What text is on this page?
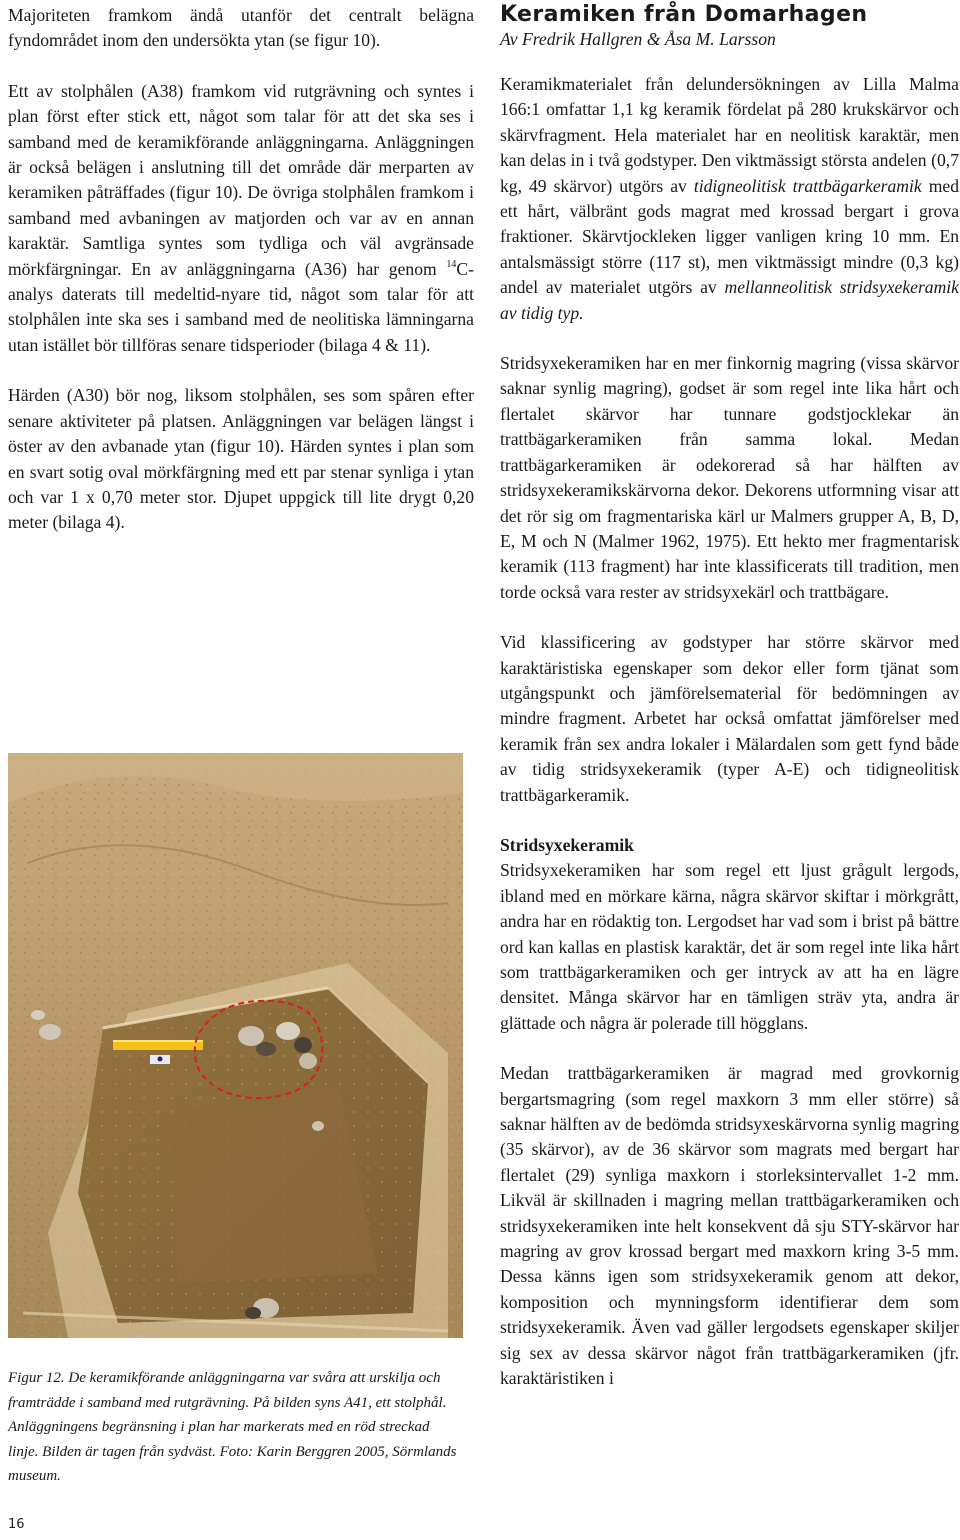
Majoriteten framkom ändå utanför det centralt belägna fyndområdet inom den undersökta ytan (se figur 10).

Ett av stolphålen (A38) framkom vid rutgrävning och syntes i plan först efter stick ett, något som talar för att det ska ses i samband med de keramikförande anläggningarna. Anläggningen är också belägen i anslutning till det område där merparten av keramiken påträffades (figur 10). De övriga stolphålen framkom i samband med avbaningen av matjorden och var av en annan karaktär. Samtliga syntes som tydliga och väl avgränsade mörkfärgningar. En av anläggningarna (A36) har genom $^{14}$C-analys daterats till medeltid-nyare tid, något som talar för att stolphålen inte ska ses i samband med de neolitiska lämningarna utan istället bör tillföras senare tidsperioder (bilaga 4 & 11).

Härden (A30) bör nog, liksom stolphålen, ses som spåren efter senare aktiviteter på platsen. Anläggningen var belägen längst i öster av den avbanade ytan (figur 10). Härden syntes i plan som en svart sotig oval mörkfärgning med ett par stenar synliga i ytan och var 1 x 0,70 meter stor. Djupet uppgick till lite drygt 0,20 meter (bilaga 4).

Figur 12. De keramikförande anläggningarna var svåra att urskilja och framträdde i samband med rutgrävning. På bilden syns A41, ett stolphål. Anläggningens begränsning i plan har markerats med en röd streckad linje. Bilden är tagen från sydväst. Foto: Karin Berggren 2005, Sörmlands museum.

Keramiken från Domarhagen
Av Fredrik Hallgren & Åsa M. Larsson

Keramikmaterialet från delundersökningen av Lilla Malma 166:1 omfattar 1,1 kg keramik fördelat på 280 krukskärvor och skärvfragment. Hela materialet har en neolitisk karaktär, men kan delas in i två godstyper. Den viktmässigt största andelen (0,7 kg, 49 skärvor) utgörs av tidigneolitisk trattbägarkeramik med ett hårt, välbränt gods magrat med krossad bergart i grova fraktioner. Skärvtjockleken ligger vanligen kring 10 mm. En antalsmässigt större (117 st), men viktmässigt mindre (0,3 kg) andel av materialet utgörs av mellanneolitisk stridsyxekeramik av tidig typ.

Stridsyxekeramiken har en mer finkornig magring (vissa skärvor saknar synlig magring), godset är som regel inte lika hårt och flertalet skärvor har tunnare godstjocklekar än trattbägarkeramiken från samma lokal. Medan trattbägarkeramiken är odekorerad så har hälften av stridsyxekeramikskärvorna dekor. Dekorens utformning visar att det rör sig om fragmentariska kärl ur Malmers grupper A, B, D, E, M och N (Malmer 1962, 1975). Ett hekto mer fragmentarisk keramik (113 fragment) har inte klassificerats till tradition, men torde också vara rester av stridsyxekärl och trattbägare.

Vid klassificering av godstyper har större skärvor med karaktäristiska egenskaper som dekor eller form tjänat som utgångspunkt och jämförelsematerial för bedömningen av mindre fragment. Arbetet har också omfattat jämförelser med keramik från sex andra lokaler i Mälardalen som gett fynd både av tidig stridsyxekeramik (typer A-E) och tidigneolitisk trattbägarkeramik.

Stridsyxekeramik

Stridsyxekeramiken har som regel ett ljust grågult lergods, ibland med en mörkare kärna, några skärvor skiftar i mörkgrått, andra har en rödaktig ton. Lergodset har vad som i brist på bättre ord kan kallas en plastisk karaktär, det är som regel inte lika hårt som trattbägarkeramiken och ger intryck av att ha en lägre densitet. Många skärvor har en tämligen sträv yta, andra är glättade och några är polerade till högglans.

Medan trattbägarkeramiken är magrad med grovkornig bergartsmagring (som regel maxkorn 3 mm eller större) så saknar hälften av de bedömda stridsyxeskärvorna synlig magring (35 skärvor), av de 36 skärvor som magrats med bergart har flertalet (29) synliga maxkorn i storleksintervallet 1-2 mm. Likväl är skillnaden i magring mellan trattbägarkeramiken och stridsyxekeramiken inte helt konsekvent då sju STY-skärvor har magring av grov krossad bergart med maxkorn kring 3-5 mm. Dessa känns igen som stridsyxekeramik genom att dekor, komposition och mynningsform identifierar dem som stridsyxekeramik. Även vad gäller lergodsets egenskaper skiljer sig sex av dessa skärvor något från trattbägarkeramiken (jfr. karaktäristiken i

16
